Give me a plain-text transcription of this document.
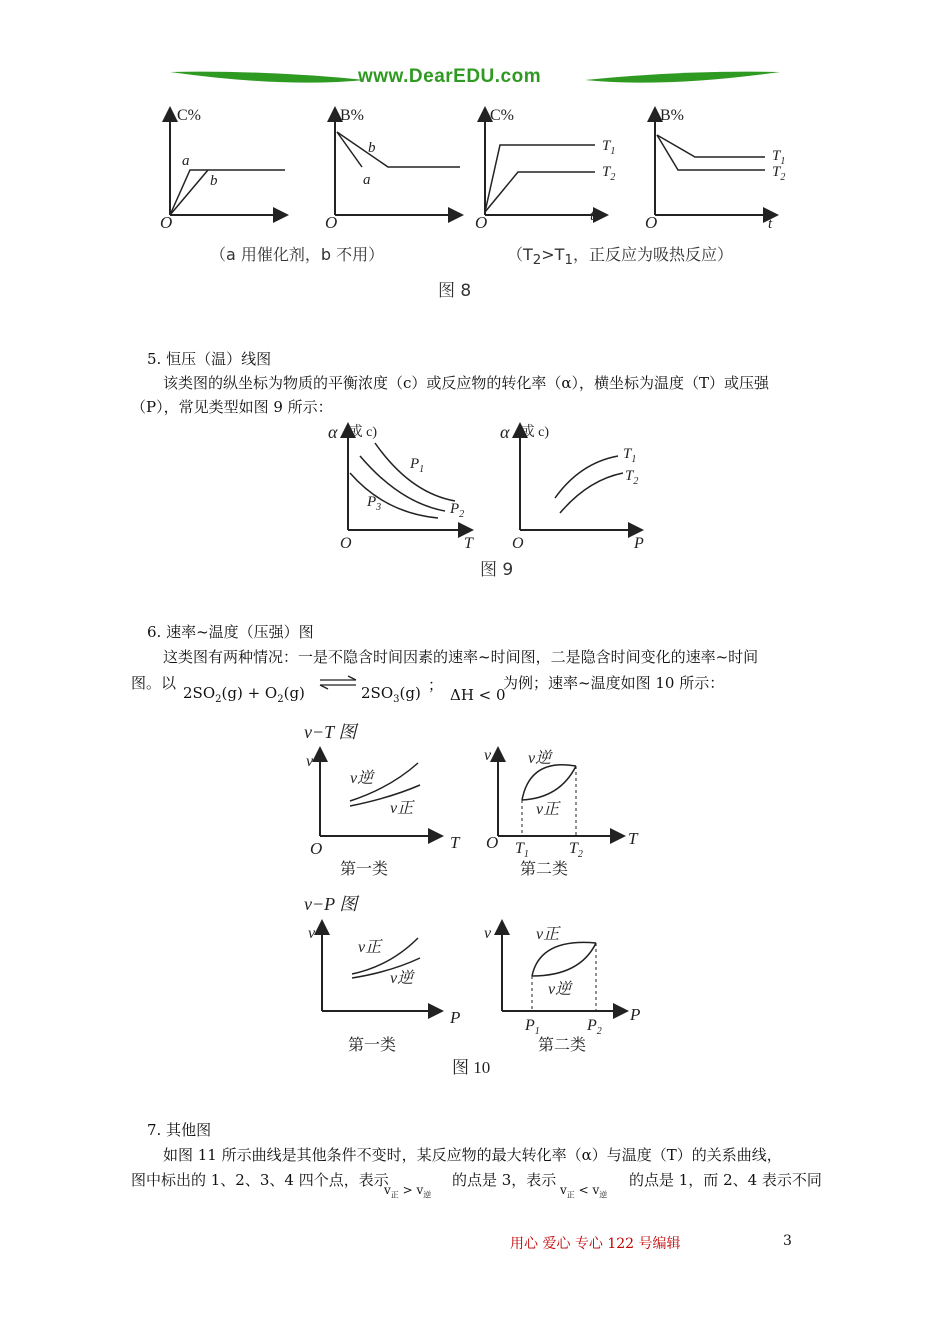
www.DearEDU.com
C%
O
a
b
B%
O
b
a
C%
O	t
$T_1$
$T_2$
B%
O	t
$T_1$
$T_2$
（a 用催化剂，b 不用）	（$T_2>T_1$，正反应为吸热反应）
图 8
5. 恒压（温）线图
该类图的纵坐标为物质的平衡浓度（c）或反应物的转化率（α），横坐标为温度（T）或压强
（P），常见类型如图 9 所示：
α (或 c)
O	T
$P_1$
$P_2$
$P_3$
α (或 c)
O	P
$T_1$
$T_2$
图 9
6. 速率~温度（压强）图
这类图有两种情况：一是不隐含时间因素的速率~时间图，二是隐含时间变化的速率~时间
图。以
$2SO_2(g) + O_2(g)$	$2SO_3(g)$ ；
ΔH < 0
为例；速率~温度如图 10 所示：
v−T 图
v
v逆
v正
O	T
第一类
v v逆
v正
O $T_1$	$T_2$
T
第二类
v−P 图
v
v正
v逆
P
第一类
v	v正
v逆
$P_1$	$P_2$
P
第二类
图 10
7. 其他图
如图 11 所示曲线是其他条件不变时，某反应物的最大转化率（α）与温度（T）的关系曲线，
图中标出的 1、2、3、4 四个点，表示
$v_正 > v_逆$
的点是 3，表示
$v_正 < v_逆$
的点是 1，而 2、4 表示不同
用心 爱心 专心 122 号编辑	3
